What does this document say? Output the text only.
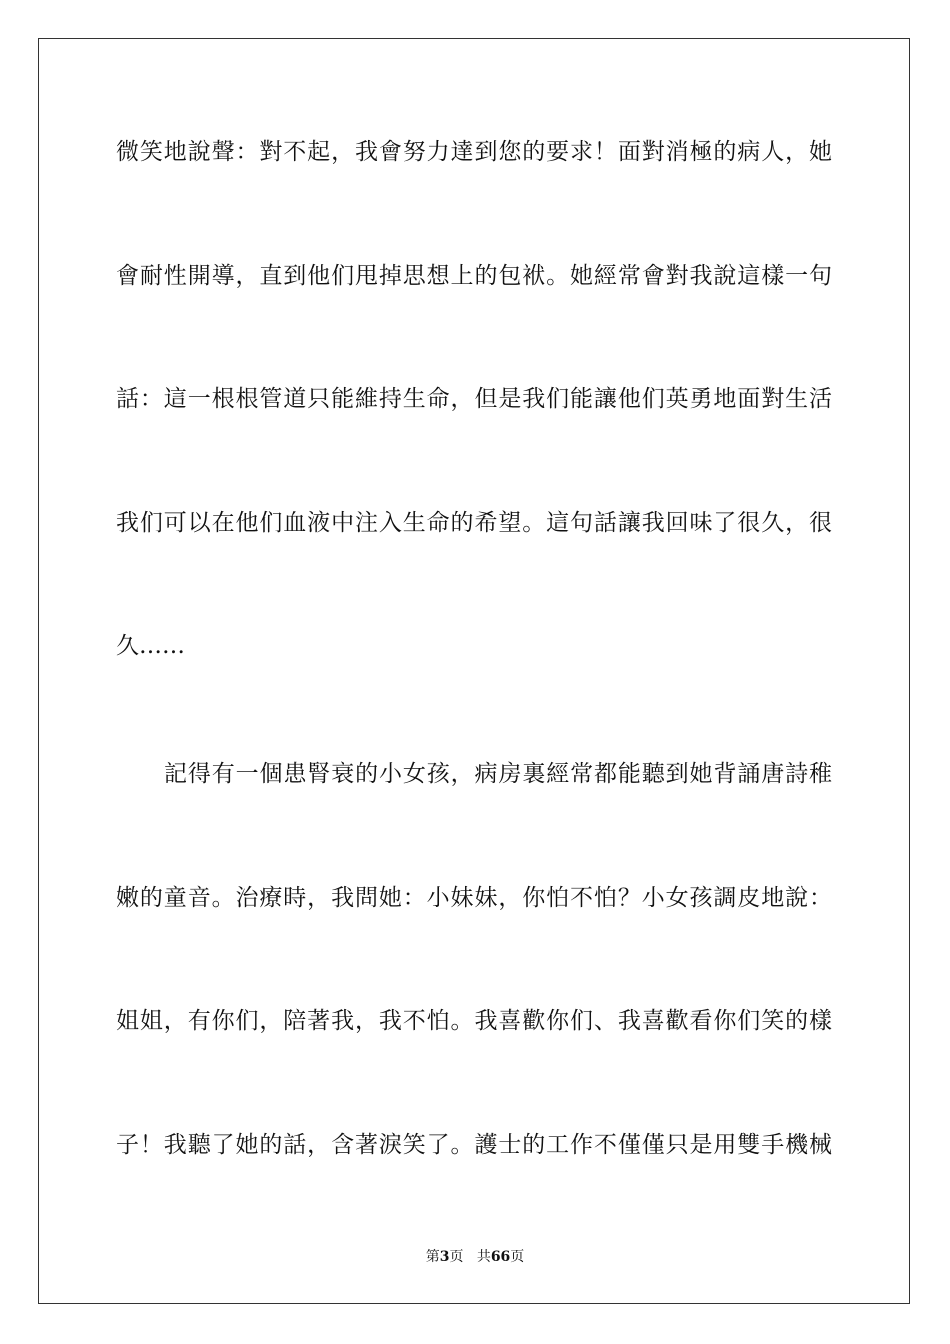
微笑地說聲：對不起，我會努力達到您的要求！面對消極的病人，她
會耐性開導，直到他们甩掉思想上的包袱。她經常會對我說這樣一句
話：這一根根管道只能維持生命，但是我们能讓他们英勇地面對生活
我们可以在他们血液中注入生命的希望。這句話讓我回味了很久，很
久……
記得有一個患腎衰的小女孩，病房裏經常都能聽到她背誦唐詩稚
嫩的童音。治療時，我問她：小妹妹，你怕不怕？小女孩調皮地說：
姐姐，有你们，陪著我，我不怕。我喜歡你们、我喜歡看你们笑的樣
子！我聽了她的話，含著淚笑了。護士的工作不僅僅只是用雙手機械
第3页 共66页
